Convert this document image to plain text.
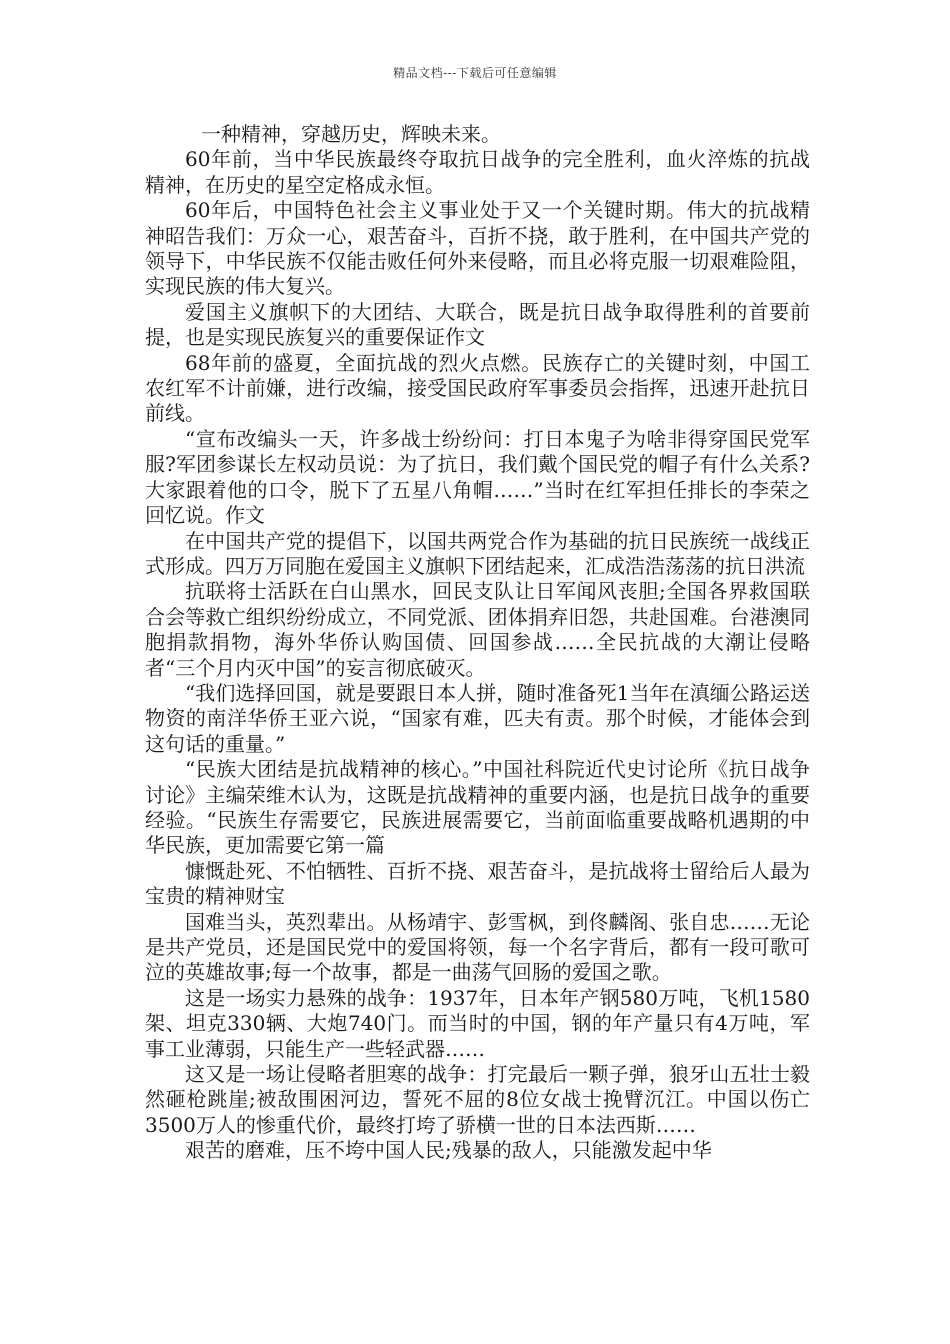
精品文档---下载后可任意编辑

一种精神，穿越历史，辉映未来。

60年前，当中华民族最终夺取抗日战争的完全胜利，血火淬炼的抗战精神，在历史的星空定格成永恒。

60年后，中国特色社会主义事业处于又一个关键时期。伟大的抗战精神昭告我们：万众一心，艰苦奋斗，百折不挠，敢于胜利，在中国共产党的领导下，中华民族不仅能击败任何外来侵略，而且必将克服一切艰难险阻，实现民族的伟大复兴。

爱国主义旗帜下的大团结、大联合，既是抗日战争取得胜利的首要前提，也是实现民族复兴的重要保证作文

68年前的盛夏，全面抗战的烈火点燃。民族存亡的关键时刻，中国工农红军不计前嫌，进行改编，接受国民政府军事委员会指挥，迅速开赴抗日前线。

“宣布改编头一天，许多战士纷纷问：打日本鬼子为啥非得穿国民党军服?军团参谋长左权动员说：为了抗日，我们戴个国民党的帽子有什么关系?大家跟着他的口令，脱下了五星八角帽……”当时在红军担任排长的李荣之回忆说。作文

在中国共产党的提倡下，以国共两党合作为基础的抗日民族统一战线正式形成。四万万同胞在爱国主义旗帜下团结起来，汇成浩浩荡荡的抗日洪流

抗联将士活跃在白山黑水，回民支队让日军闻风丧胆;全国各界救国联合会等救亡组织纷纷成立，不同党派、团体捐弃旧怨，共赴国难。台港澳同胞捐款捐物，海外华侨认购国债、回国参战……全民抗战的大潮让侵略者“三个月内灭中国”的妄言彻底破灭。

“我们选择回国，就是要跟日本人拼，随时准备死1当年在滇缅公路运送物资的南洋华侨王亚六说，“国家有难，匹夫有责。那个时候，才能体会到这句话的重量。”

“民族大团结是抗战精神的核心。”中国社科院近代史讨论所《抗日战争讨论》主编荣维木认为，这既是抗战精神的重要内涵，也是抗日战争的重要经验。“民族生存需要它，民族进展需要它，当前面临重要战略机遇期的中华民族，更加需要它第一篇

慷慨赴死、不怕牺牲、百折不挠、艰苦奋斗，是抗战将士留给后人最为宝贵的精神财宝

国难当头，英烈辈出。从杨靖宇、彭雪枫，到佟麟阁、张自忠……无论是共产党员，还是国民党中的爱国将领，每一个名字背后，都有一段可歌可泣的英雄故事;每一个故事，都是一曲荡气回肠的爱国之歌。

这是一场实力悬殊的战争：1937年，日本年产钢580万吨，飞机1580架、坦克330辆、大炮740门。而当时的中国，钢的年产量只有4万吨，军事工业薄弱，只能生产一些轻武器……

这又是一场让侵略者胆寒的战争：打完最后一颗子弹，狼牙山五壮士毅然砸枪跳崖;被敌围困河边，誓死不屈的8位女战士挽臂沉江。中国以伤亡3500万人的惨重代价，最终打垮了骄横一世的日本法西斯……

艰苦的磨难，压不垮中国人民;残暴的敌人，只能激发起中华
